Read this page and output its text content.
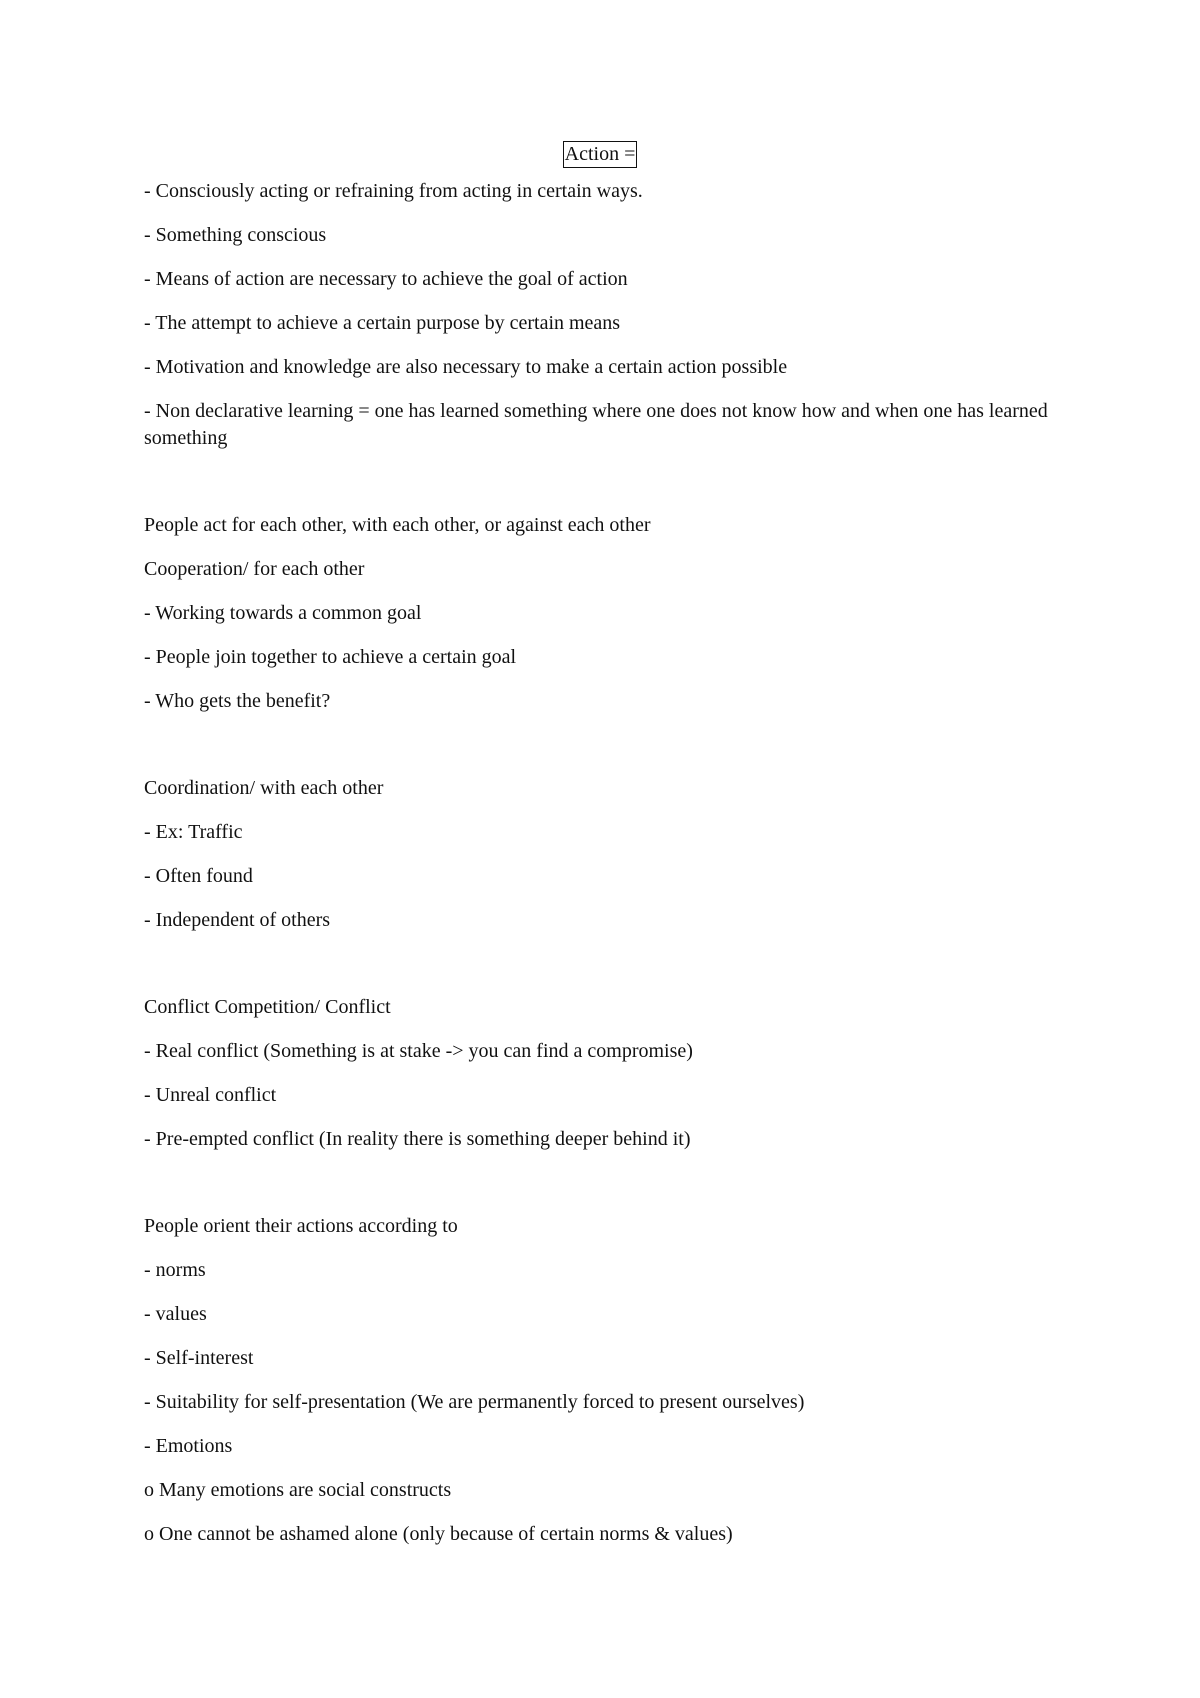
Action =
- Consciously acting or refraining from acting in certain ways.
- Something conscious
- Means of action are necessary to achieve the goal of action
- The attempt to achieve a certain purpose by certain means
- Motivation and knowledge are also necessary to make a certain action possible
- Non declarative learning = one has learned something where one does not know how and when one has learned something
People act for each other, with each other, or against each other
Cooperation/ for each other
- Working towards a common goal
- People join together to achieve a certain goal
- Who gets the benefit?
Coordination/ with each other
- Ex: Traffic
- Often found
- Independent of others
Conflict Competition/ Conflict
- Real conflict (Something is at stake -> you can find a compromise)
- Unreal conflict
- Pre-empted conflict (In reality there is something deeper behind it)
People orient their actions according to
- norms
- values
- Self-interest
- Suitability for self-presentation (We are permanently forced to present ourselves)
- Emotions
o Many emotions are social constructs
o One cannot be ashamed alone (only because of certain norms & values)
